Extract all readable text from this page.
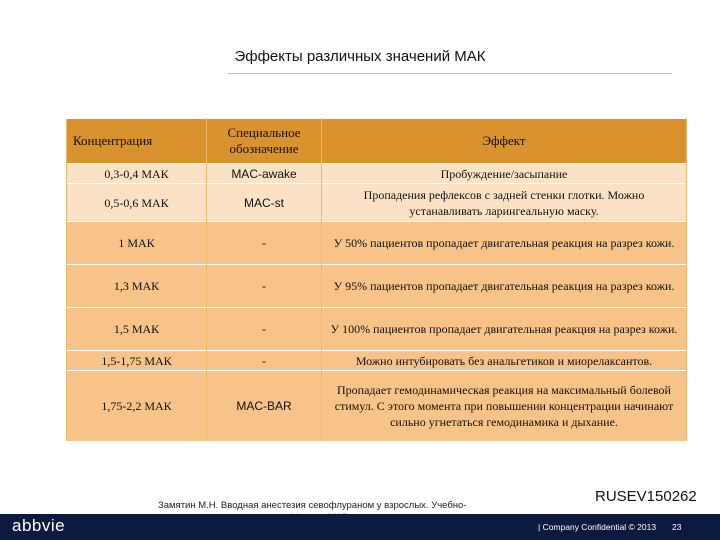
Эффекты различных значений МАК
Концентрация	Специальное обозначение	Эффект
0,3-0,4 МАК	MAC-awake	Пробуждение/засыпание
0,5-0,6 МАК	MAC-st	Пропадения рефлексов с задней стенки глотки. Можно устанавливать ларингеальную маску.
1 МАК	-	У 50% пациентов пропадает двигательная реакция на разрез кожи.
1,3 МАК	-	У 95% пациентов пропадает двигательная реакция на разрез кожи.
1,5 МАК	-	У 100% пациентов пропадает двигательная реакция на разрез кожи.
1,5-1,75 МАК	-	Можно интубировать без анальгетиков и миорелаксантов.
1,75-2,2 МАК	MAC-BAR	Пропадает гемодинамическая реакция на максимальный болевой стимул. С этого момента при повышении концентрации начинают сильно угнетаться гемодинамика и дыхание.
Замятин М.Н. Вводная анестезия севофлураном у взрослых. Учебно-
RUSEV150262
abbvie	| Company Confidential © 2013 23
